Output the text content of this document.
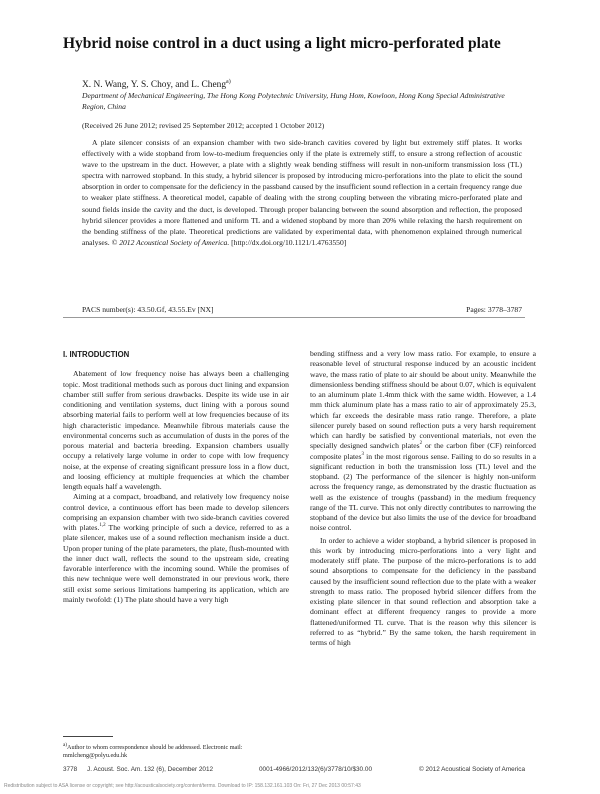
Hybrid noise control in a duct using a light micro-perforated plate
X. N. Wang, Y. S. Choy, and L. Cheng$^{a)}$
Department of Mechanical Engineering, The Hong Kong Polytechnic University, Hung Hom, Kowloon, Hong Kong Special Administrative Region, China
(Received 26 June 2012; revised 25 September 2012; accepted 1 October 2012)
A plate silencer consists of an expansion chamber with two side-branch cavities covered by light but extremely stiff plates. It works effectively with a wide stopband from low-to-medium frequencies only if the plate is extremely stiff, to ensure a strong reflection of acoustic wave to the upstream in the duct. However, a plate with a slightly weak bending stiffness will result in non-uniform transmission loss (TL) spectra with narrowed stopband. In this study, a hybrid silencer is proposed by introducing micro-perforations into the plate to elicit the sound absorption in order to compensate for the deficiency in the passband caused by the insufficient sound reflection in a certain frequency range due to weaker plate stiffness. A theoretical model, capable of dealing with the strong coupling between the vibrating micro-perforated plate and sound fields inside the cavity and the duct, is developed. Through proper balancing between the sound absorption and reflection, the proposed hybrid silencer provides a more flattened and uniform TL and a widened stopband by more than 20% while relaxing the harsh requirement on the bending stiffness of the plate. Theoretical predictions are validated by experimental data, with phenomenon explained through numerical analyses. © 2012 Acoustical Society of America. [http://dx.doi.org/10.1121/1.4763550]
PACS number(s): 43.50.Gf, 43.55.Ev [NX]	Pages: 3778–3787
I. INTRODUCTION

Abatement of low frequency noise has always been a challenging topic. Most traditional methods such as porous duct lining and expansion chamber still suffer from serious drawbacks. Despite its wide use in air conditioning and ventilation systems, duct lining with a porous sound absorbing material fails to perform well at low frequencies because of its high characteristic impedance. Meanwhile fibrous materials cause the environmental concerns such as accumulation of dusts in the pores of the porous material and bacteria breeding. Expansion chambers usually occupy a relatively large volume in order to cope with low frequency noise, at the expense of creating significant pressure loss in a flow duct, and loosing efficiency at multiple frequencies at which the chamber length equals half a wavelength.

Aiming at a compact, broadband, and relatively low frequency noise control device, a continuous effort has been made to develop silencers comprising an expansion chamber with two side-branch cavities covered with plates.$^{1,2}$ The working principle of such a device, referred to as a plate silencer, makes use of a sound reflection mechanism inside a duct. Upon proper tuning of the plate parameters, the plate, flush-mounted with the inner duct wall, reflects the sound to the upstream side, creating favorable interference with the incoming sound. While the promises of this new technique were well demonstrated in our previous work, there still exist some serious limitations hampering its application, which are mainly twofold: (1) The plate should have a very high

bending stiffness and a very low mass ratio. For example, to ensure a reasonable level of structural response induced by an acoustic incident wave, the mass ratio of plate to air should be about unity. Meanwhile the dimensionless bending stiffness should be about 0.07, which is equivalent to an aluminum plate 1.4mm thick with the same width. However, a 1.4 mm thick aluminum plate has a mass ratio to air of approximately 25.3, which far exceeds the desirable mass ratio range. Therefore, a plate silencer purely based on sound reflection puts a very harsh requirement which can hardly be satisfied by conventional materials, not even the specially designed sandwich plates$^2$ or the carbon fiber (CF) reinforced composite plates$^3$ in the most rigorous sense. Failing to do so results in a significant reduction in both the transmission loss (TL) level and the stopband. (2) The performance of the silencer is highly non-uniform across the frequency range, as demonstrated by the drastic fluctuation as well as the existence of troughs (passband) in the medium frequency range of the TL curve. This not only directly contributes to narrowing the stopband of the device but also limits the use of the device for broadband noise control.

In order to achieve a wider stopband, a hybrid silencer is proposed in this work by introducing micro-perforations into a very light and moderately stiff plate. The purpose of the micro-perforations is to add sound absorptions to compensate for the deficiency in the passband caused by the insufficient sound reflection due to the plate with a weaker strength to mass ratio. The proposed hybrid silencer differs from the existing plate silencer in that sound reflection and absorption take a dominant effect at different frequency ranges to provide a more flattened/uniformed TL curve. That is the reason why this silencer is referred to as “hybrid.” By the same token, the harsh requirement in terms of high

$^{a)}$Author to whom correspondence should be addressed. Electronic mail: mmlcheng@polyu.edu.hk
3778 J. Acoust. Soc. Am. 132 (6), December 2012	0001-4966/2012/132(6)/3778/10/$30.00	© 2012 Acoustical Society of America
Redistribution subject to ASA license or copyright; see http://acousticalsociety.org/content/terms. Download to IP: 158.132.161.103 On: Fri, 27 Dec 2013 00:57:43
